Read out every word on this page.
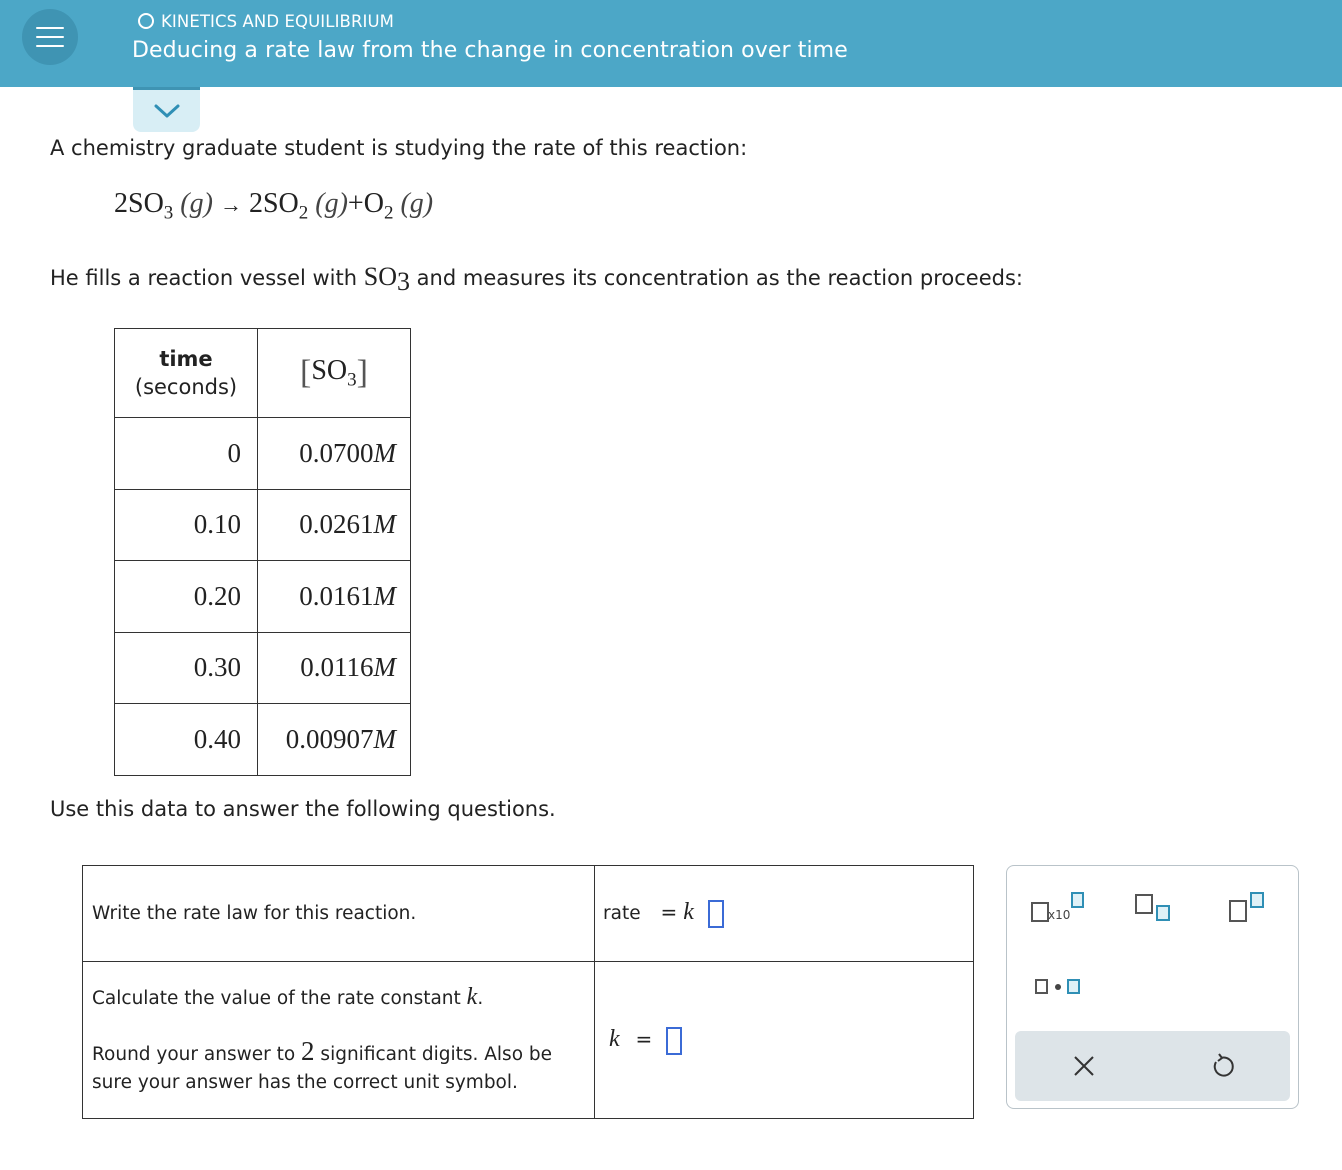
KINETICS AND EQUILIBRIUM
Deducing a rate law from the change in concentration over time
A chemistry graduate student is studying the rate of this reaction:
$2SO_3$ $(g) \to 2SO_2$ $(g)+O_2$ (g)
He fills a reaction vessel with $SO_3$ and measures its concentration as the reaction proceeds:
time
(seconds)	$[SO_3]$
0	0.0700M
0.10	0.0261M
0.20	0.0161M
0.30	0.0116M
0.40	0.00907M
Use this data to answer the following questions.
Write the rate law for this reaction.	rate = k

Calculate the value of the rate constant k.
Round your answer to 2 significant digits. Also be sure your answer has the correct unit symbol.	k =
x10
